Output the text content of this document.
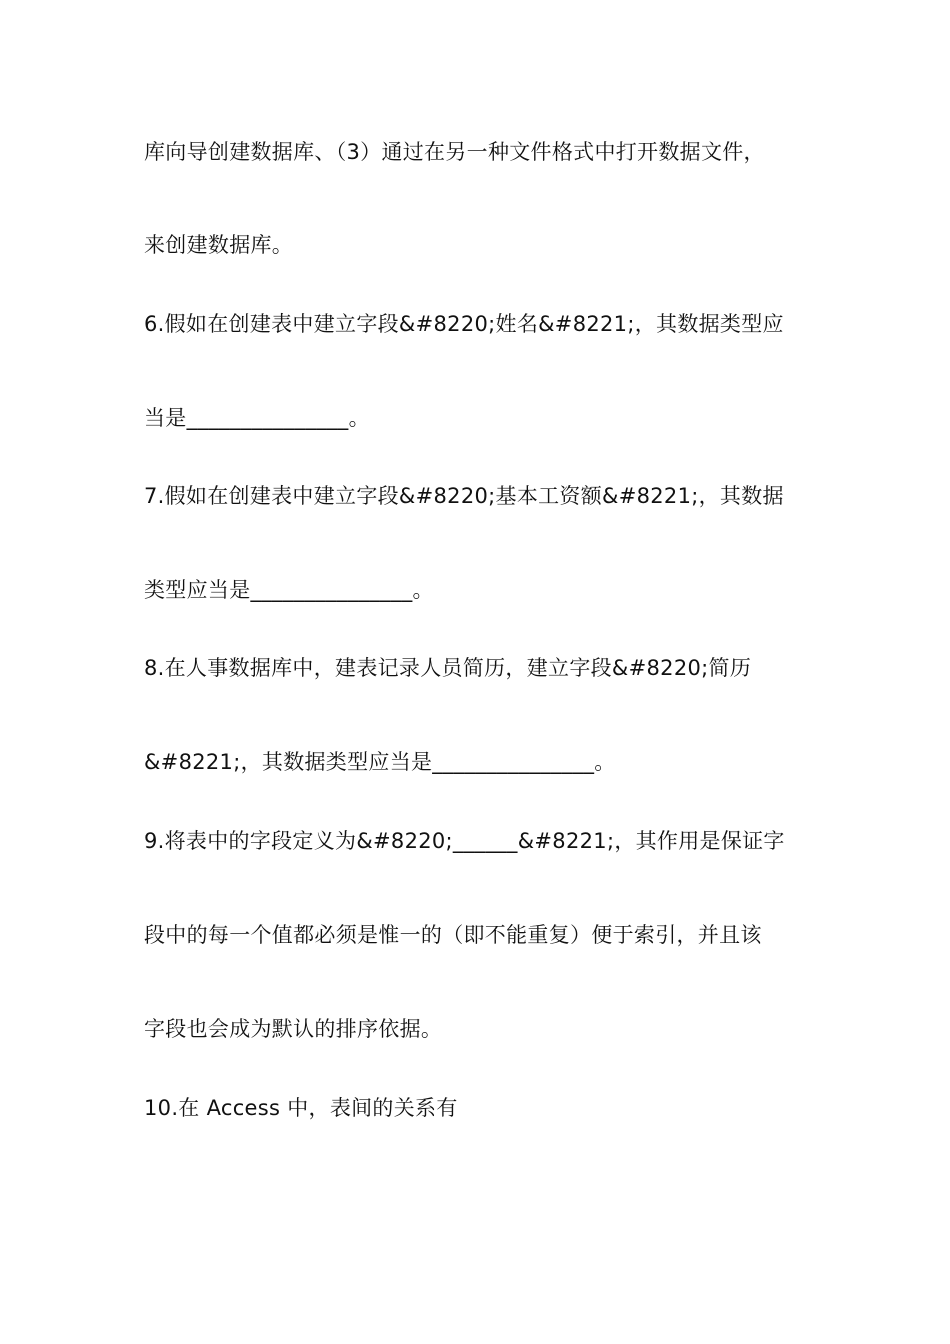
库向导创建数据库、（3）通过在另一种文件格式中打开数据文件，
来创建数据库。
6.假如在创建表中建立字段&#8220;姓名&#8221;，其数据类型应
当是_______________。
7.假如在创建表中建立字段&#8220;基本工资额&#8221;，其数据
类型应当是_______________。
8.在人事数据库中，建表记录人员简历，建立字段&#8220;简历
&#8221;，其数据类型应当是_______________。
9.将表中的字段定义为&#8220;______&#8221;，其作用是保证字
段中的每一个值都必须是惟一的（即不能重复）便于索引，并且该
字段也会成为默认的排序依据。
10.在 Access 中，表间的关系有
